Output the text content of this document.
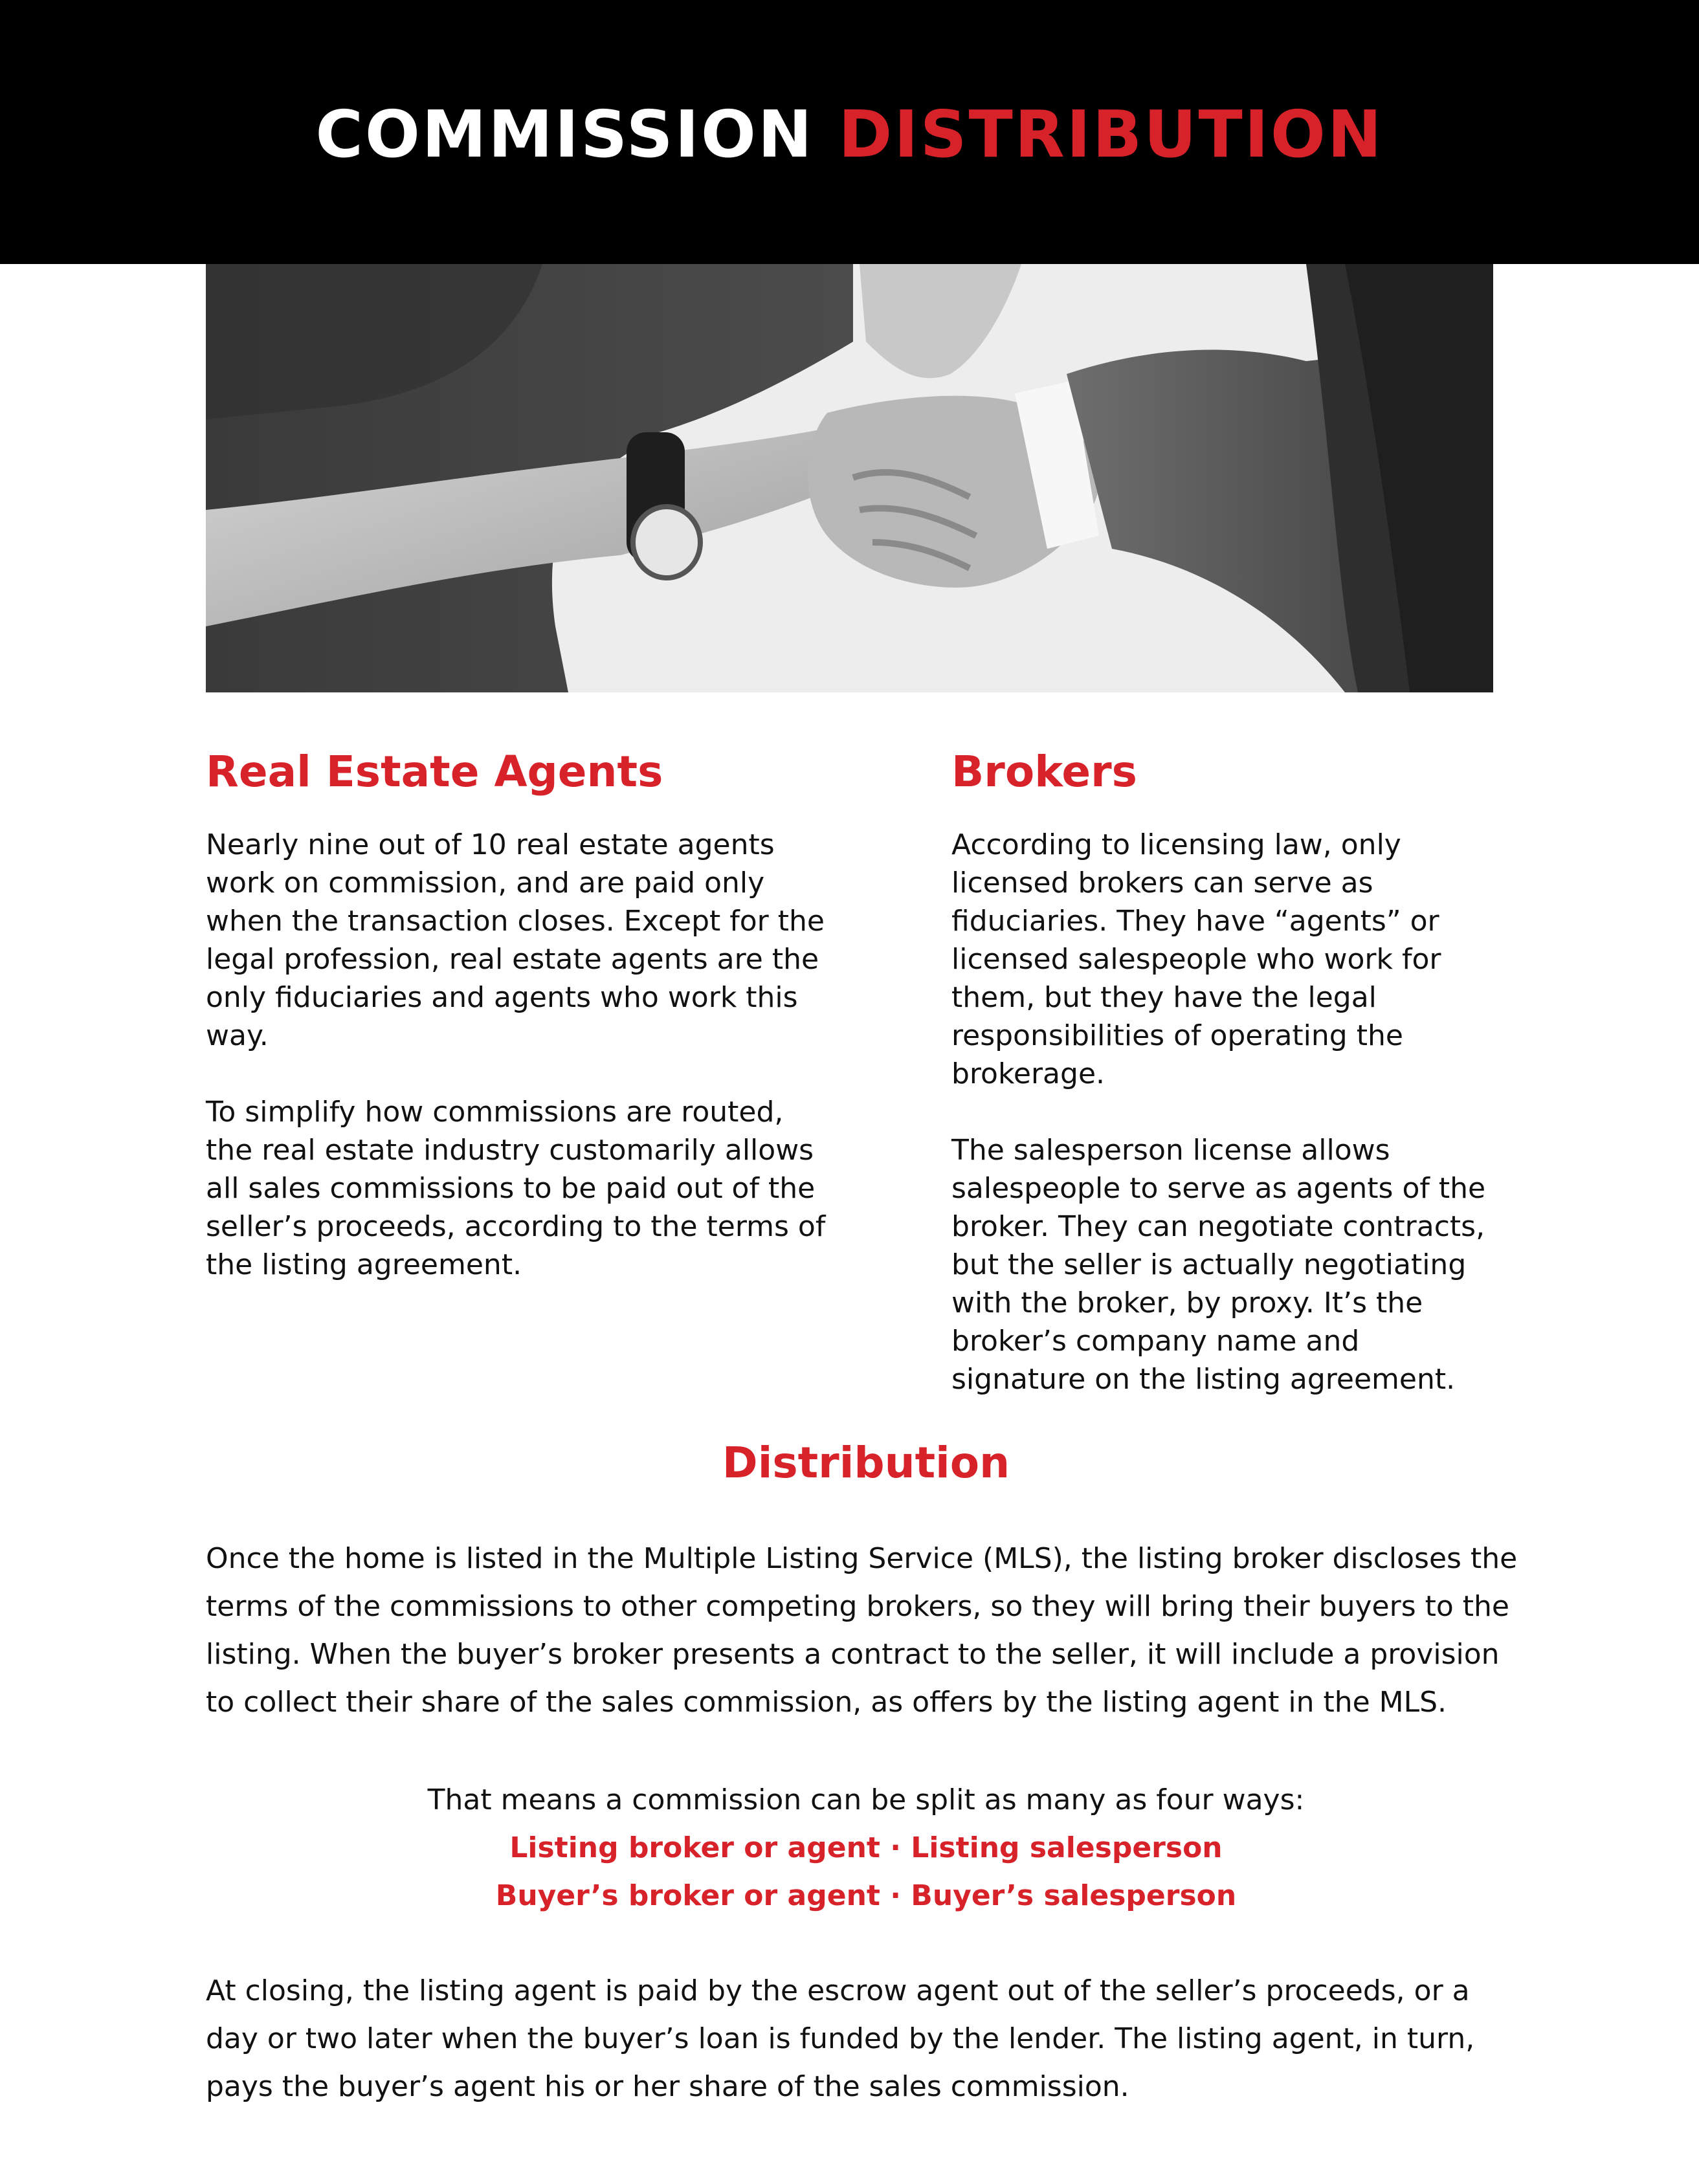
COMMISSION DISTRIBUTION
Real Estate Agents

Nearly nine out of 10 real estate agents work on commission, and are paid only when the transaction closes. Except for the legal profession, real estate agents are the only fiduciaries and agents who work this way.

To simplify how commissions are routed, the real estate industry customarily allows all sales commissions to be paid out of the seller’s proceeds, according to the terms of the listing agreement.

Brokers

According to licensing law, only licensed brokers can serve as fiduciaries. They have “agents” or licensed salespeople who work for them, but they have the legal responsibilities of operating the brokerage.

The salesperson license allows salespeople to serve as agents of the broker. They can negotiate contracts, but the seller is actually negotiating with the broker, by proxy. It’s the broker’s company name and signature on the listing agreement.

Distribution

Once the home is listed in the Multiple Listing Service (MLS), the listing broker discloses the terms of the commissions to other competing brokers, so they will bring their buyers to the listing. When the buyer’s broker presents a contract to the seller, it will include a provision to collect their share of the sales commission, as offers by the listing agent in the MLS.

That means a commission can be split as many as four ways:

Listing broker or agent · Listing salesperson

Buyer’s broker or agent · Buyer’s salesperson

At closing, the listing agent is paid by the escrow agent out of the seller’s proceeds, or a day or two later when the buyer’s loan is funded by the lender. The listing agent, in turn, pays the buyer’s agent his or her share of the sales commission.
